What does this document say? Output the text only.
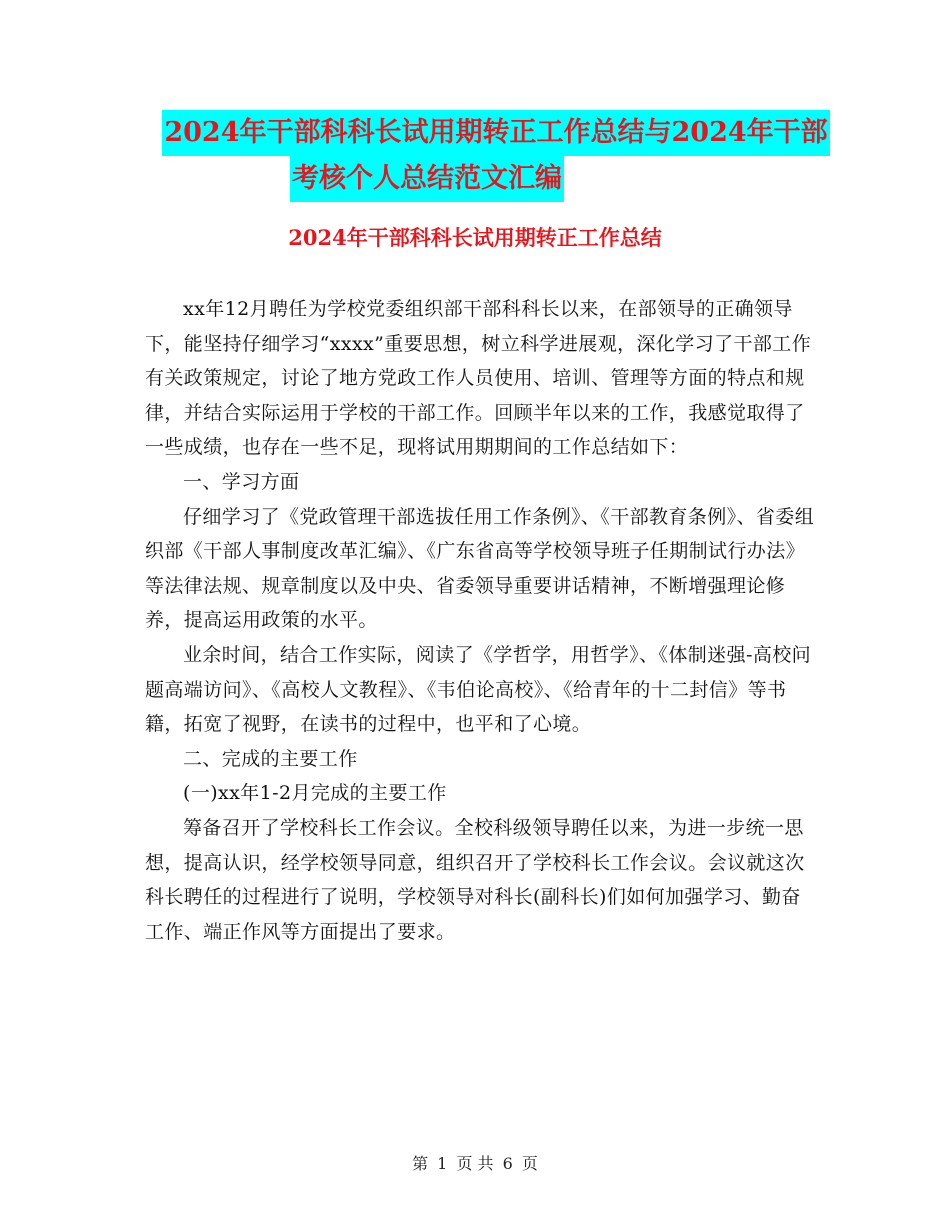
2024年干部科科长试用期转正工作总结与2024年干部
考核个人总结范文汇编
2024年干部科科长试用期转正工作总结

xx年12月聘任为学校党委组织部干部科科长以来，在部领导的正确领导下，能坚持仔细学习“xxxx”重要思想，树立科学进展观，深化学习了干部工作有关政策规定，讨论了地方党政工作人员使用、培训、管理等方面的特点和规律，并结合实际运用于学校的干部工作。回顾半年以来的工作，我感觉取得了一些成绩，也存在一些不足，现将试用期期间的工作总结如下：

一、学习方面

仔细学习了《党政管理干部选拔任用工作条例》、《干部教育条例》、省委组织部《干部人事制度改革汇编》、《广东省高等学校领导班子任期制试行办法》等法律法规、规章制度以及中央、省委领导重要讲话精神，不断增强理论修养，提高运用政策的水平。

业余时间，结合工作实际，阅读了《学哲学，用哲学》、《体制迷强-高校问题高端访问》、《高校人文教程》、《韦伯论高校》、《给青年的十二封信》等书籍，拓宽了视野，在读书的过程中，也平和了心境。

二、完成的主要工作

(一)xx年1-2月完成的主要工作

筹备召开了学校科长工作会议。全校科级领导聘任以来，为进一步统一思想，提高认识，经学校领导同意，组织召开了学校科长工作会议。会议就这次科长聘任的过程进行了说明，学校领导对科长(副科长)们如何加强学习、勤奋工作、端正作风等方面提出了要求。

第 1 页 共 6 页
